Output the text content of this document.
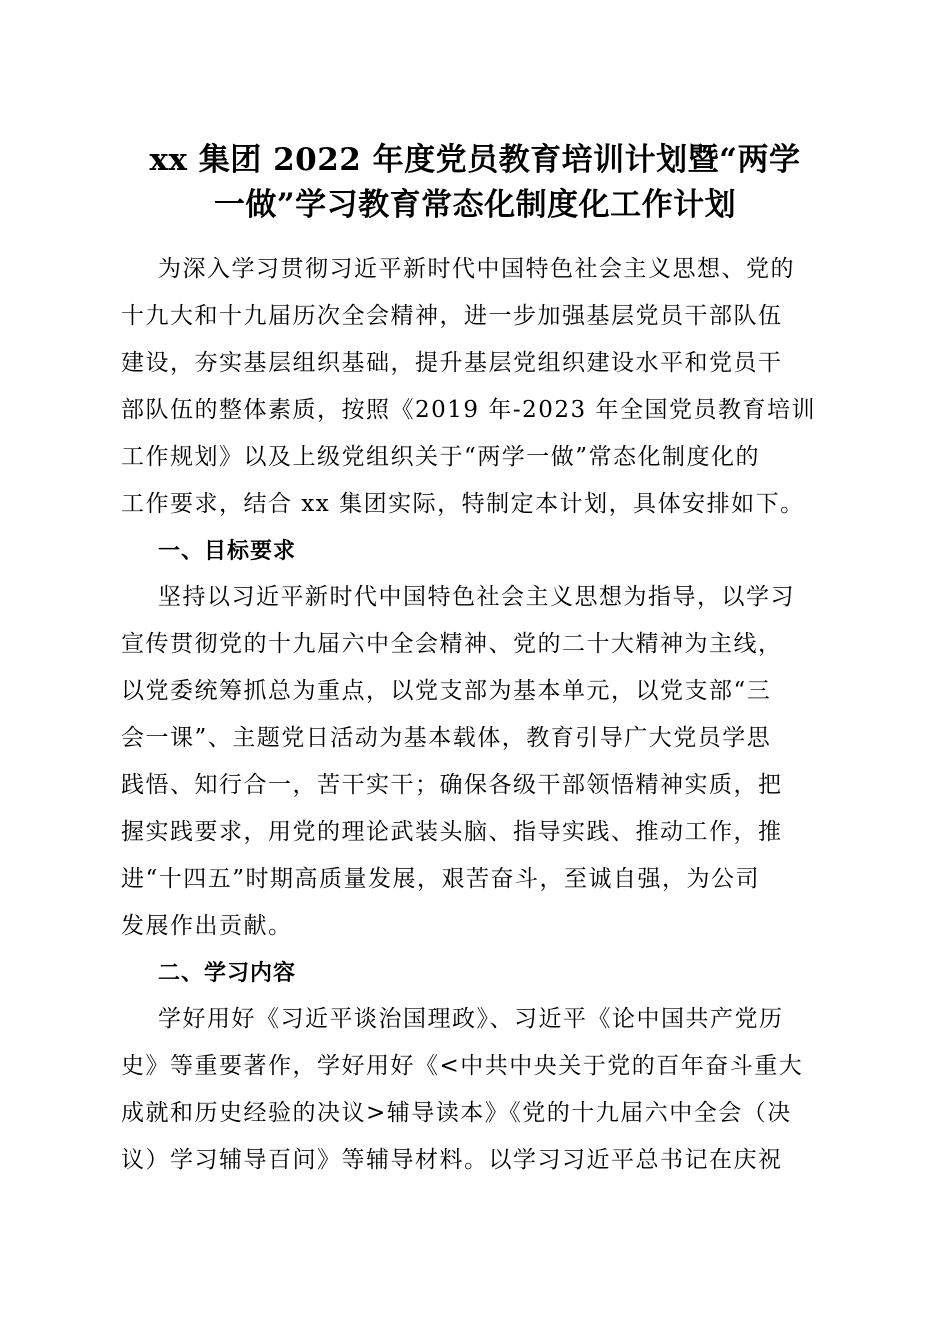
xx 集团 2022 年度党员教育培训计划暨“两学
一做”学习教育常态化制度化工作计划
为深入学习贯彻习近平新时代中国特色社会主义思想、党的
十九大和十九届历次全会精神，进一步加强基层党员干部队伍
建设，夯实基层组织基础，提升基层党组织建设水平和党员干
部队伍的整体素质，按照《2019 年-2023 年全国党员教育培训
工作规划》以及上级党组织关于“两学一做”常态化制度化的
工作要求，结合 xx 集团实际，特制定本计划，具体安排如下。
一、目标要求
坚持以习近平新时代中国特色社会主义思想为指导，以学习
宣传贯彻党的十九届六中全会精神、党的二十大精神为主线，
以党委统筹抓总为重点，以党支部为基本单元，以党支部“三
会一课”、主题党日活动为基本载体，教育引导广大党员学思
践悟、知行合一，苦干实干；确保各级干部领悟精神实质，把
握实践要求，用党的理论武装头脑、指导实践、推动工作，推
进“十四五”时期高质量发展，艰苦奋斗，至诚自强，为公司
发展作出贡献。
二、学习内容
学好用好《习近平谈治国理政》、习近平《论中国共产党历
史》等重要著作，学好用好《<中共中央关于党的百年奋斗重大
成就和历史经验的决议>辅导读本》《党的十九届六中全会（决
议）学习辅导百问》等辅导材料。以学习习近平总书记在庆祝
